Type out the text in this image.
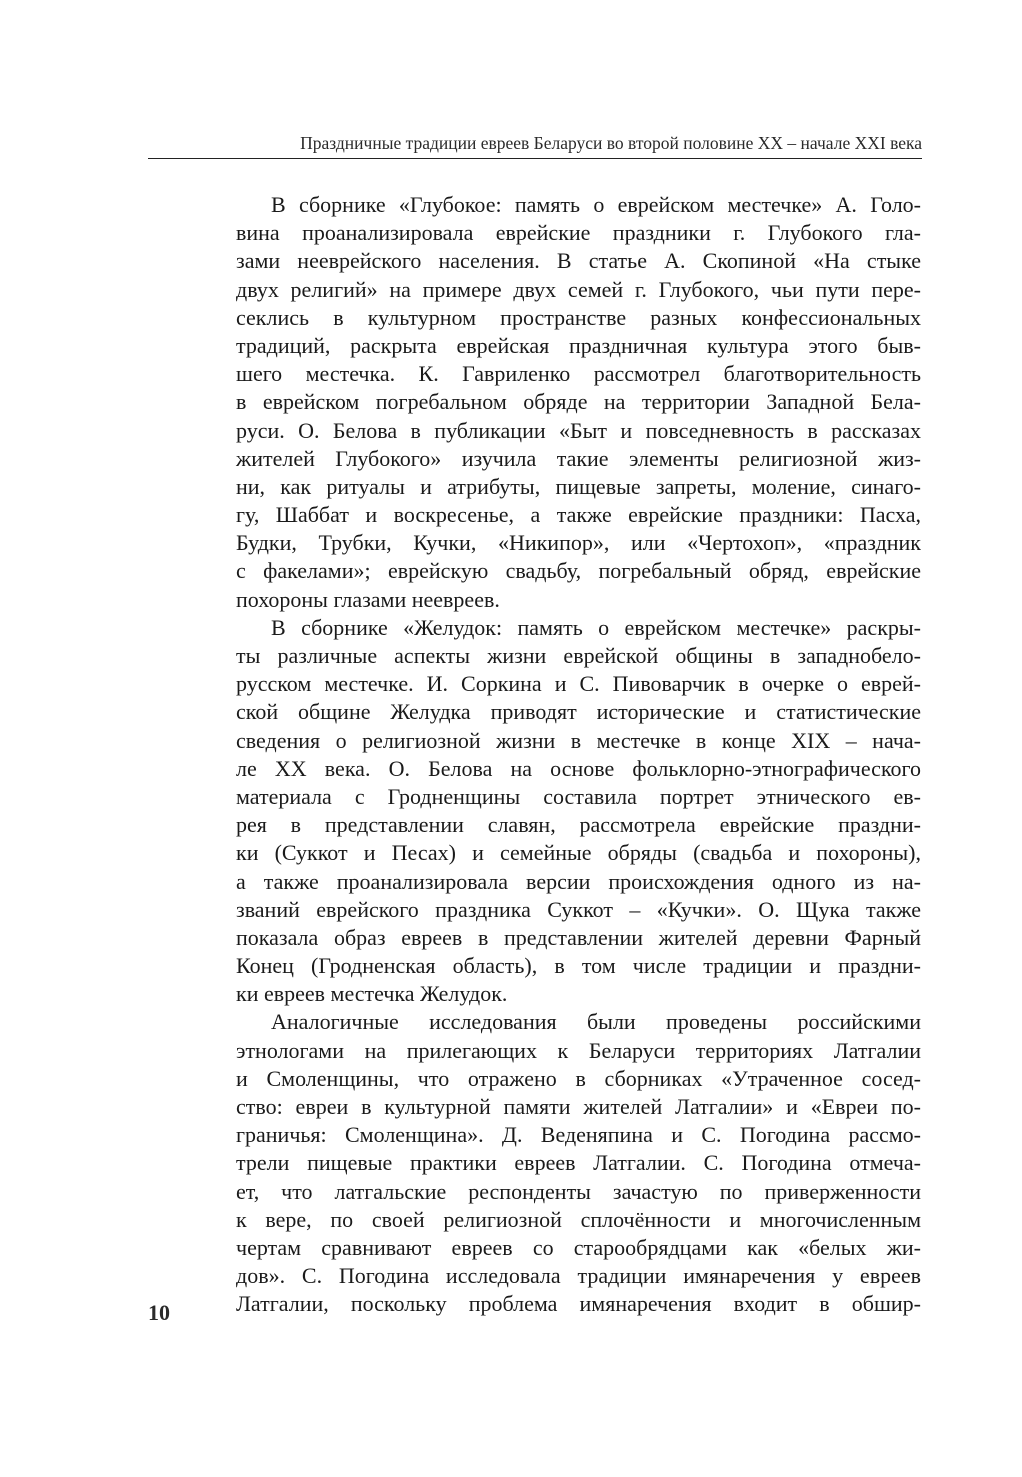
Праздничные традиции евреев Беларуси во второй половине XX – начале XXI века
В сборнике «Глубокое: память о еврейском местечке» А. Голо-
вина проанализировала еврейские праздники г. Глубокого гла-
зами нееврейского населения. В статье А. Скопиной «На стыке
двух религий» на примере двух семей г. Глубокого, чьи пути пере-
секлись в культурном пространстве разных конфессиональных
традиций, раскрыта еврейская праздничная культура этого быв-
шего местечка. К. Гавриленко рассмотрел благотворительность
в еврейском погребальном обряде на территории Западной Бела-
руси. О. Белова в публикации «Быт и повседневность в рассказах
жителей Глубокого» изучила такие элементы религиозной жиз-
ни, как ритуалы и атрибуты, пищевые запреты, моление, синаго-
гу, Шаббат и воскресенье, а также еврейские праздники: Пасха,
Будки, Трубки, Кучки, «Никипор», или «Чертохоп», «праздник
с факелами»; еврейскую свадьбу, погребальный обряд, еврейские
похороны глазами неевреев.
В сборнике «Желудок: память о еврейском местечке» раскры-
ты различные аспекты жизни еврейской общины в западнобело-
русском местечке. И. Соркина и С. Пивоварчик в очерке о еврей-
ской общине Желудка приводят исторические и статистические
сведения о религиозной жизни в местечке в конце XIX – нача-
ле XX века. О. Белова на основе фольклорно-этнографического
материала с Гродненщины составила портрет этнического ев-
рея в представлении славян, рассмотрела еврейские праздни-
ки (Суккот и Песах) и семейные обряды (свадьба и похороны),
а также проанализировала версии происхождения одного из на-
званий еврейского праздника Суккот – «Кучки». О. Щука также
показала образ евреев в представлении жителей деревни Фарный
Конец (Гродненская область), в том числе традиции и праздни-
ки евреев местечка Желудок.
Аналогичные исследования были проведены российскими
этнологами на прилегающих к Беларуси территориях Латгалии
и Смоленщины, что отражено в сборниках «Утраченное сосед-
ство: евреи в культурной памяти жителей Латгалии» и «Евреи по-
граничья: Смоленщина». Д. Веденяпина и С. Погодина рассмо-
трели пищевые практики евреев Латгалии. С. Погодина отмеча-
ет, что латгальские респонденты зачастую по приверженности
к вере, по своей религиозной сплочённости и многочисленным
чертам сравнивают евреев со старообрядцами как «белых жи-
дов». С. Погодина исследовала традиции имянаречения у евреев
Латгалии, поскольку проблема имянаречения входит в обшир-
10
